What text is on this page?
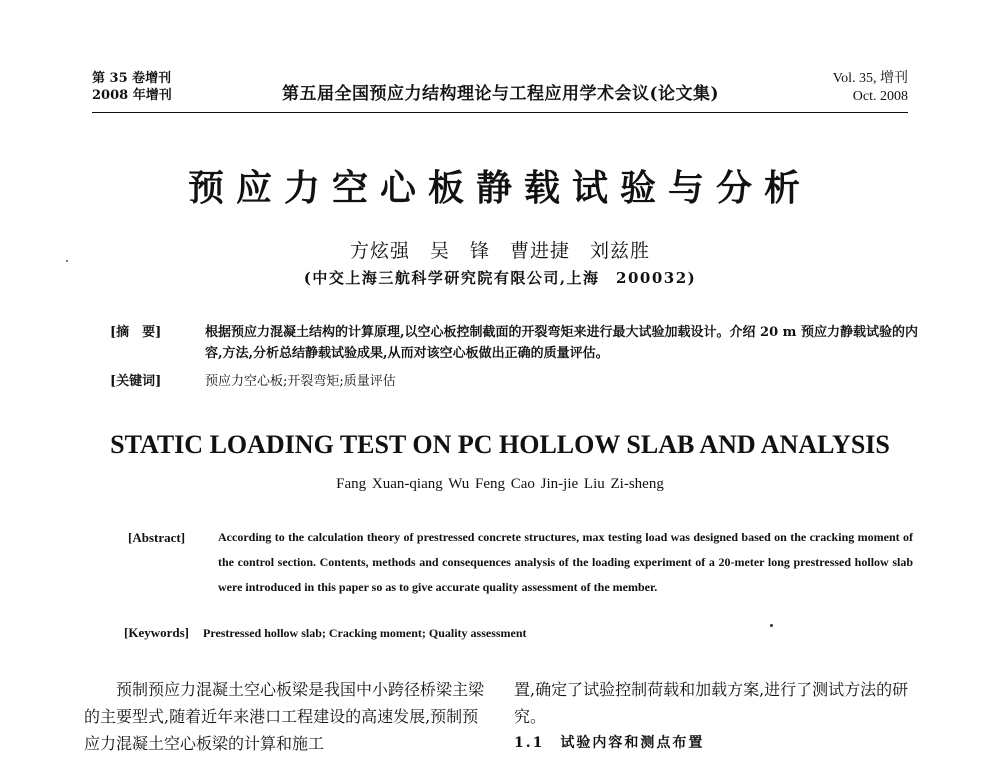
第 35 卷增刊
2008 年增刊	第五届全国预应力结构理论与工程应用学术会议(论文集)
Vol. 35, 增刊
Oct. 2008
预应力空心板静载试验与分析
方炫强　吴　锋　曹进捷　刘兹胜
(中交上海三航科学研究院有限公司,上海　200032)
[摘　要]	根据预应力混凝土结构的计算原理,以空心板控制截面的开裂弯矩来进行最大试验加载设计。介绍 20 m 预应力静载试验的内容,方法,分析总结静载试验成果,从而对该空心板做出正确的质量评估。
[关键词]	预应力空心板;开裂弯矩;质量评估
STATIC LOADING TEST ON PC HOLLOW SLAB AND ANALYSIS
Fang Xuan-qiang Wu Feng Cao Jin-jie Liu Zi-sheng
[Abstract]	According to the calculation theory of prestressed concrete structures, max testing load was designed based on the cracking moment of the control section. Contents, methods and consequences analysis of the loading experiment of a 20-meter long prestressed hollow slab were introduced in this paper so as to give accurate quality assessment of the member.
[Keywords] Prestressed hollow slab; Cracking moment; Quality assessment

预制预应力混凝土空心板梁是我国中小跨径桥梁主梁的主要型式,随着近年来港口工程建设的高速发展,预制预应力混凝土空心板梁的计算和施工

置,确定了试验控制荷载和加载方案,进行了测试方法的研究。

1.1　试验内容和测点布置
